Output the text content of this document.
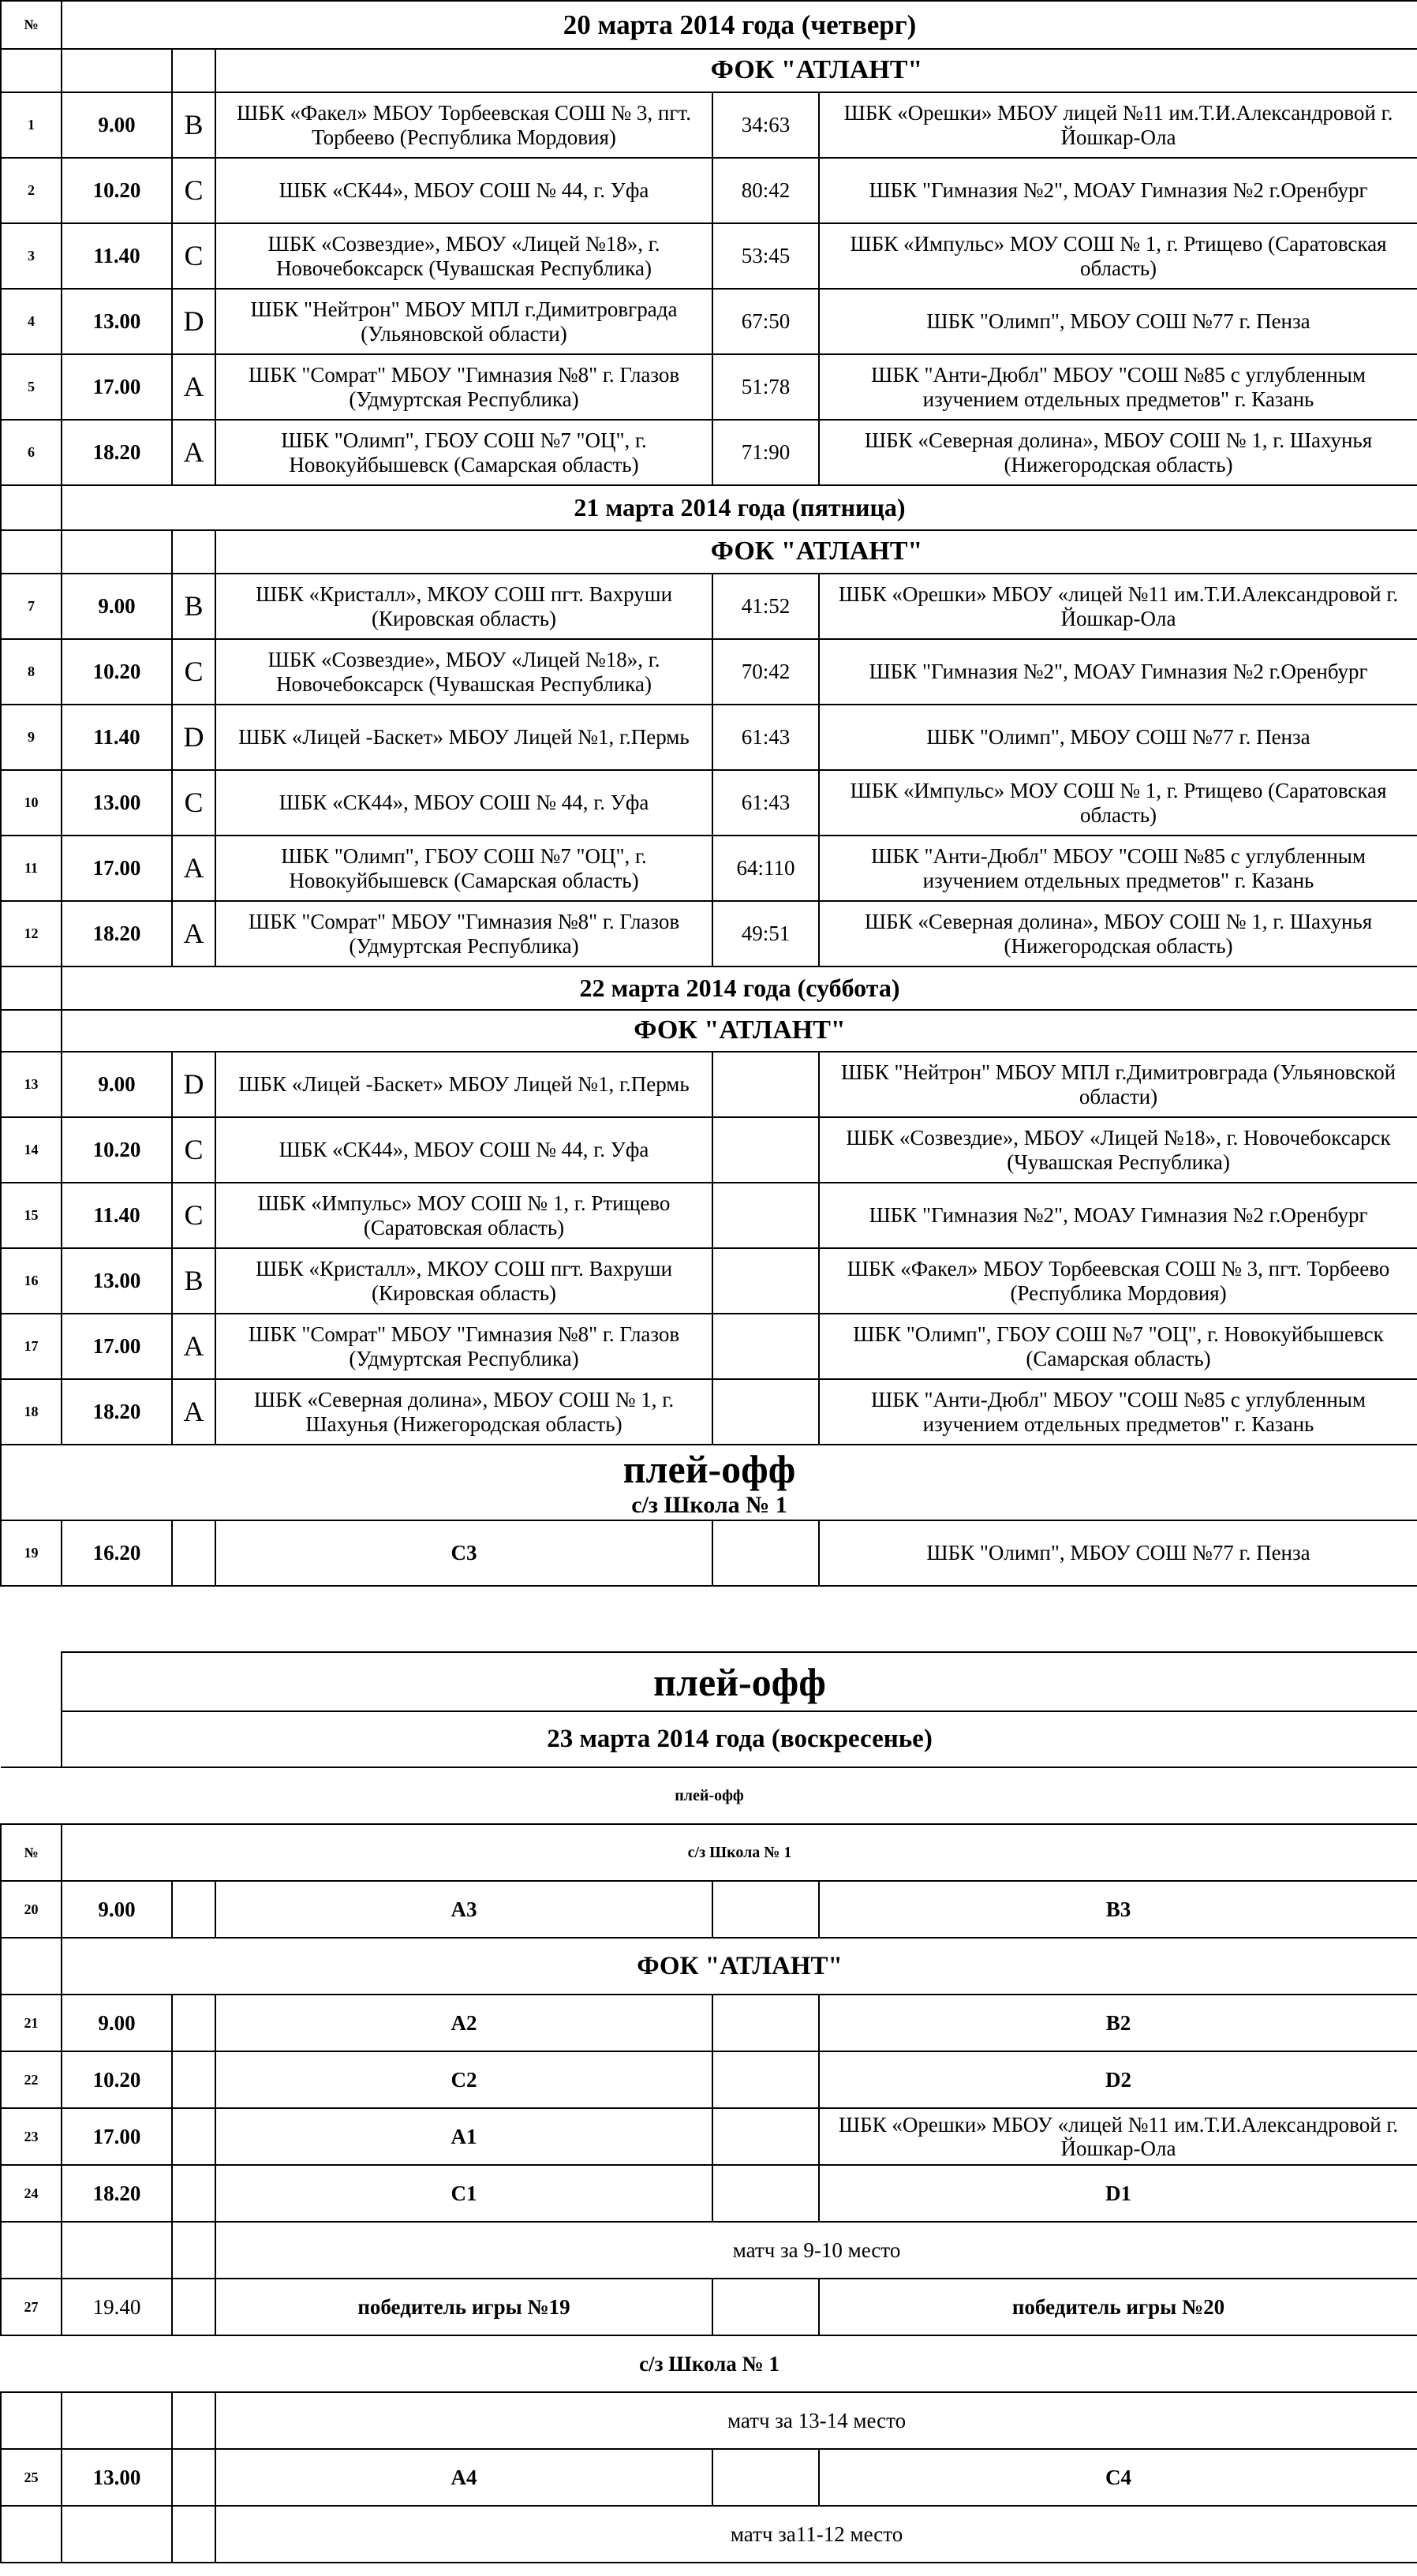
№	20 марта 2014 года (четверг)				
			ФОК "АТЛАНТ"		
1	9.00	B	ШБК «Факел» МБОУ Торбеевская СОШ № 3, пгт. Торбеево (Республика Мордовия)	34:63	ШБК «Орешки» МБОУ лицей №11 им.Т.И.Александровой г. Йошкар-Ола
2	10.20	C	ШБК «СК44», МБОУ СОШ № 44, г. Уфа	80:42	ШБК "Гимназия №2", МОАУ Гимназия №2 г.Оренбург
3	11.40	C	ШБК «Созвездие», МБОУ «Лицей №18», г. Новочебоксарск (Чувашская Республика)	53:45	ШБК «Импульс» МОУ СОШ № 1, г. Ртищево (Саратовская область)
4	13.00	D	ШБК "Нейтрон" МБОУ МПЛ г.Димитровграда (Ульяновской области)	67:50	ШБК "Олимп", МБОУ СОШ №77 г. Пенза
5	17.00	A	ШБК "Сомрат" МБОУ "Гимназия №8" г. Глазов (Удмуртская Республика)	51:78	ШБК "Анти-Дюбл" МБОУ "СОШ №85 с углубленным изучением отдельных предметов" г. Казань
6	18.20	A	ШБК "Олимп", ГБОУ СОШ №7 "ОЦ", г. Новокуйбышевск (Самарская область)	71:90	ШБК «Северная долина», МБОУ СОШ № 1, г. Шахунья (Нижегородская область)
	21 марта 2014 года (пятница)				
			ФОК "АТЛАНТ"		
7	9.00	B	ШБК «Кристалл», МКОУ СОШ пгт. Вахруши (Кировская область)	41:52	ШБК «Орешки» МБОУ «лицей №11 им.Т.И.Александровой г. Йошкар-Ола
8	10.20	C	ШБК «Созвездие», МБОУ «Лицей №18», г. Новочебоксарск (Чувашская Республика)	70:42	ШБК "Гимназия №2", МОАУ Гимназия №2 г.Оренбург
9	11.40	D	ШБК «Лицей -Баскет» МБОУ Лицей №1, г.Пермь	61:43	ШБК "Олимп", МБОУ СОШ №77 г. Пенза
10	13.00	C	ШБК «СК44», МБОУ СОШ № 44, г. Уфа	61:43	ШБК «Импульс» МОУ СОШ № 1, г. Ртищево (Саратовская область)
11	17.00	A	ШБК "Олимп", ГБОУ СОШ №7 "ОЦ", г. Новокуйбышевск (Самарская область)	64:110	ШБК "Анти-Дюбл" МБОУ "СОШ №85 с углубленным изучением отдельных предметов" г. Казань
12	18.20	A	ШБК "Сомрат" МБОУ "Гимназия №8" г. Глазов (Удмуртская Республика)	49:51	ШБК «Северная долина», МБОУ СОШ № 1, г. Шахунья (Нижегородская область)
	22 марта 2014 года (суббота)				
	ФОК "АТЛАНТ"				
13	9.00	D	ШБК «Лицей -Баскет» МБОУ Лицей №1, г.Пермь		ШБК "Нейтрон" МБОУ МПЛ г.Димитровграда (Ульяновской области)
14	10.20	C	ШБК «СК44», МБОУ СОШ № 44, г. Уфа		ШБК «Созвездие», МБОУ «Лицей №18», г. Новочебоксарск (Чувашская Республика)
15	11.40	C	ШБК «Импульс» МОУ СОШ № 1, г. Ртищево (Саратовская область)		ШБК "Гимназия №2", МОАУ Гимназия №2 г.Оренбург
16	13.00	B	ШБК «Кристалл», МКОУ СОШ пгт. Вахруши (Кировская область)		ШБК «Факел» МБОУ Торбеевская СОШ № 3, пгт. Торбеево (Республика Мордовия)
17	17.00	A	ШБК "Сомрат" МБОУ "Гимназия №8" г. Глазов (Удмуртская Республика)		ШБК "Олимп", ГБОУ СОШ №7 "ОЦ", г. Новокуйбышевск (Самарская область)
18	18.20	A	ШБК «Северная долина», МБОУ СОШ № 1, г. Шахунья (Нижегородская область)		ШБК "Анти-Дюбл" МБОУ "СОШ №85 с углубленным изучением отдельных предметов" г. Казань
плей-офф					
с/з Школа № 1					
19	16.20		С3		ШБК "Олимп", МБОУ СОШ №77 г. Пенза
	плей-офф				
	23 марта 2014 года (воскресенье)				
плей-офф					
№	с/з Школа № 1				
20	9.00		А3		В3
	ФОК "АТЛАНТ"				
21	9.00		А2		В2
22	10.20		С2		D2
23	17.00		А1		ШБК «Орешки» МБОУ «лицей №11 им.Т.И.Александровой г. Йошкар-Ола
24	18.20		С1		D1
			матч за 9-10 место		
27	19.40		победитель игры №19		победитель игры №20
с/з Школа № 1					
			матч за 13-14 место		
25	13.00		А4		С4
			матч за11-12 место		
